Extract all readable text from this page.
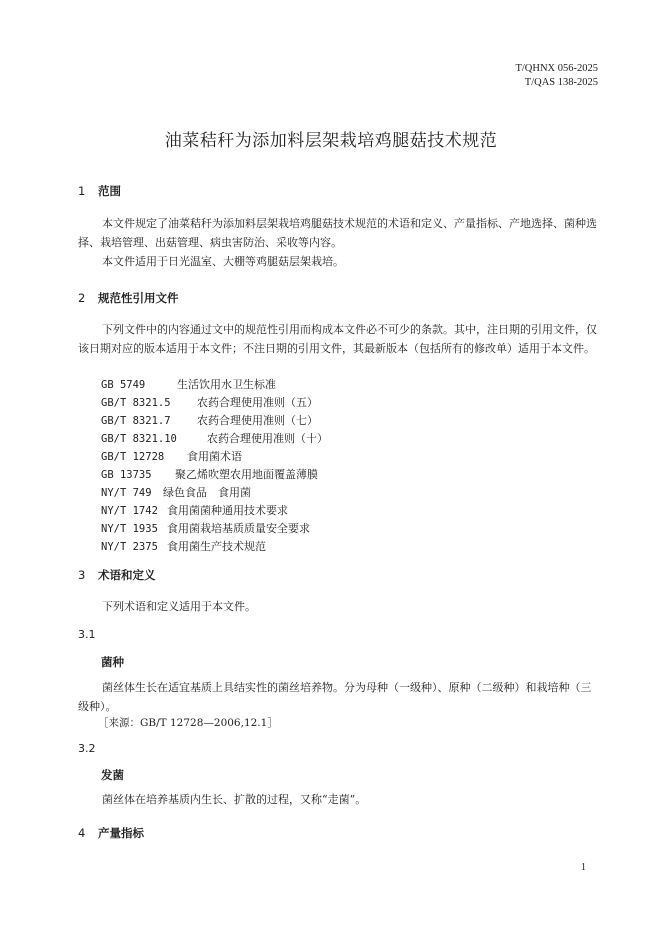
T/QHNX 056-2025
T/QAS 138-2025
油菜秸秆为添加料层架栽培鸡腿菇技术规范
1 范围
本文件规定了油菜秸秆为添加料层架栽培鸡腿菇技术规范的术语和定义、产量指标、产地选择、菌种选择、栽培管理、出菇管理、病虫害防治、采收等内容。
本文件适用于日光温室、大棚等鸡腿菇层架栽培。
2 规范性引用文件
下列文件中的内容通过文中的规范性引用而构成本文件必不可少的条款。其中，注日期的引用文件，仅该日期对应的版本适用于本文件；不注日期的引用文件，其最新版本（包括所有的修改单）适用于本文件。
GB 5749	生活饮用水卫生标准
GB/T 8321.5 农药合理使用准则（五）
GB/T 8321.7 农药合理使用准则（七）
GB/T 8321.10	农药合理使用准则（十）
GB/T 12728 食用菌术语
GB 13735 聚乙烯吹塑农用地面覆盖薄膜
NY/T 749 绿色食品　食用菌
NY/T 1742 食用菌菌种通用技术要求
NY/T 1935 食用菌栽培基质质量安全要求
NY/T 2375 食用菌生产技术规范
3 术语和定义
下列术语和定义适用于本文件。
3.1
菌种
菌丝体生长在适宜基质上具结实性的菌丝培养物。分为母种（一级种）、原种（二级种）和栽培种（三级种）。
［来源：GB/T 12728—2006,12.1］
3.2
发菌
菌丝体在培养基质内生长、扩散的过程，又称“走菌”。
4 产量指标
1
